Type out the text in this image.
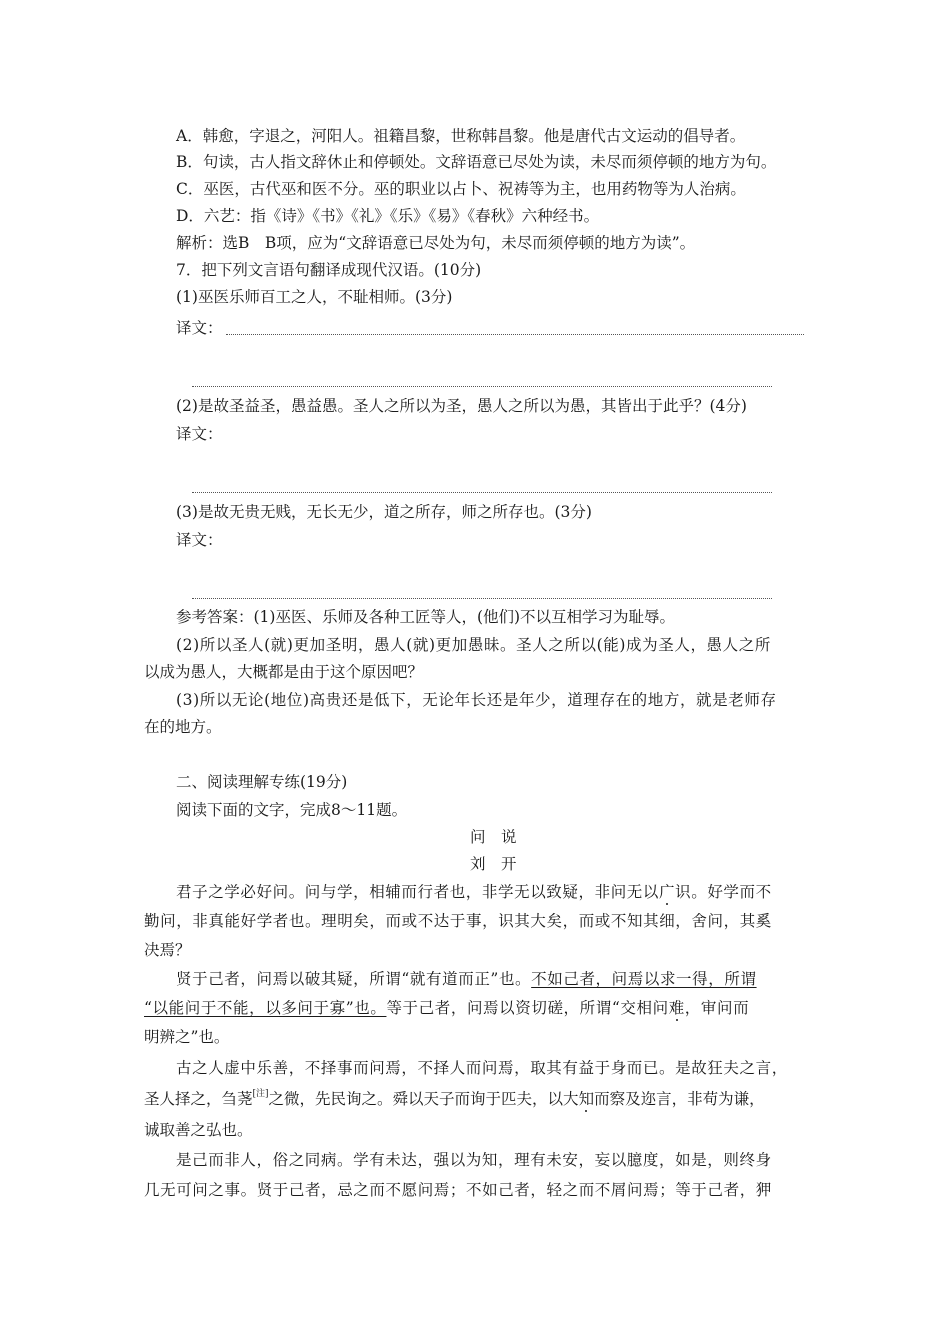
A．韩愈，字退之，河阳人。祖籍昌黎，世称韩昌黎。他是唐代古文运动的倡导者。
B．句读，古人指文辞休止和停顿处。文辞语意已尽处为读，未尽而须停顿的地方为句。
C．巫医，古代巫和医不分。巫的职业以占卜、祝祷等为主，也用药物等为人治病。
D．六艺：指《诗》《书》《礼》《乐》《易》《春秋》六种经书。
解析：选B　B项，应为“文辞语意已尽处为句，未尽而须停顿的地方为读”。
7．把下列文言语句翻译成现代汉语。(10分)
(1)巫医乐师百工之人，不耻相师。(3分)
译文：
(2)是故圣益圣，愚益愚。圣人之所以为圣，愚人之所以为愚，其皆出于此乎？(4分)
译文：
(3)是故无贵无贱，无长无少，道之所存，师之所存也。(3分)
译文：
参考答案：(1)巫医、乐师及各种工匠等人，(他们)不以互相学习为耻辱。
(2)所以圣人(就)更加圣明，愚人(就)更加愚昧。圣人之所以(能)成为圣人，愚人之所
以成为愚人，大概都是由于这个原因吧？
(3)所以无论(地位)高贵还是低下，无论年长还是年少，道理存在的地方，就是老师存
在的地方。
二、阅读理解专练(19分)
阅读下面的文字，完成8～11题。
问　说
刘　开
君子之学必好问。问与学，相辅而行者也，非学无以致疑，非问无以广识。好学而不
勤问，非真能好学者也。理明矣，而或不达于事，识其大矣，而或不知其细，舍问，其奚
决焉？
贤于己者，问焉以破其疑，所谓“就有道而正”也。不如己者，问焉以求一得，所谓
“以能问于不能，以多问于寡”也。等于己者，问焉以资切磋，所谓“交相问难，审问而
明辨之”也。
古之人虚中乐善，不择事而问焉，不择人而问焉，取其有益于身而已。是故狂夫之言，
圣人择之，刍荛[注]之微，先民询之。舜以天子而询于匹夫，以大知而察及迩言，非苟为谦，
诚取善之弘也。
是己而非人，俗之同病。学有未达，强以为知，理有未安，妄以臆度，如是，则终身
几无可问之事。贤于己者，忌之而不愿问焉；不如己者，轻之而不屑问焉；等于己者，狎
